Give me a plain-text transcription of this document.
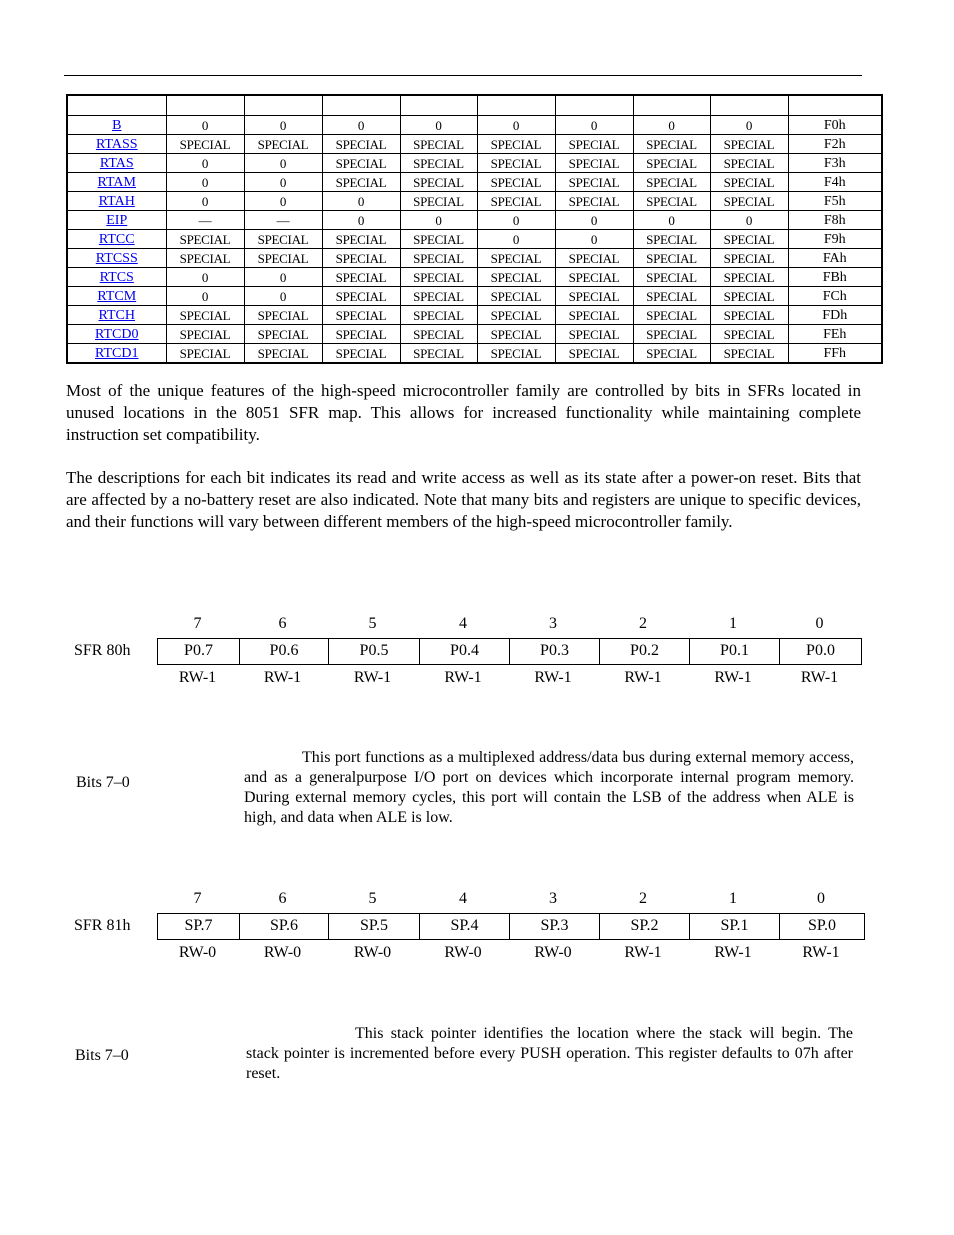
B	0	0	0	0	0	0	0	0	F0h
RTASS	SPECIAL	SPECIAL	SPECIAL	SPECIAL	SPECIAL	SPECIAL	SPECIAL	SPECIAL	F2h
RTAS	0	0	SPECIAL	SPECIAL	SPECIAL	SPECIAL	SPECIAL	SPECIAL	F3h
RTAM	0	0	SPECIAL	SPECIAL	SPECIAL	SPECIAL	SPECIAL	SPECIAL	F4h
RTAH	0	0	0	SPECIAL	SPECIAL	SPECIAL	SPECIAL	SPECIAL	F5h
EIP	—	—	0	0	0	0	0	0	F8h
RTCC	SPECIAL	SPECIAL	SPECIAL	SPECIAL	0	0	SPECIAL	SPECIAL	F9h
RTCSS	SPECIAL	SPECIAL	SPECIAL	SPECIAL	SPECIAL	SPECIAL	SPECIAL	SPECIAL	FAh
RTCS	0	0	SPECIAL	SPECIAL	SPECIAL	SPECIAL	SPECIAL	SPECIAL	FBh
RTCM	0	0	SPECIAL	SPECIAL	SPECIAL	SPECIAL	SPECIAL	SPECIAL	FCh
RTCH	SPECIAL	SPECIAL	SPECIAL	SPECIAL	SPECIAL	SPECIAL	SPECIAL	SPECIAL	FDh
RTCD0	SPECIAL	SPECIAL	SPECIAL	SPECIAL	SPECIAL	SPECIAL	SPECIAL	SPECIAL	FEh
RTCD1	SPECIAL	SPECIAL	SPECIAL	SPECIAL	SPECIAL	SPECIAL	SPECIAL	SPECIAL	FFh

Most of the unique features of the high-speed microcontroller family are controlled by bits in SFRs located in unused locations in the 8051 SFR map. This allows for increased functionality while maintaining complete instruction set compatibility.

The descriptions for each bit indicates its read and write access as well as its state after a power-on reset. Bits that are affected by a no-battery reset are also indicated. Note that many bits and registers are unique to specific devices, and their functions will vary between different members of the high-speed microcontroller family.

SFR 80h
7	6	5	4	3	2	1	0
P0.7	P0.6	P0.5	P0.4	P0.3	P0.2	P0.1	P0.0
RW-1	RW-1	RW-1	RW-1	RW-1	RW-1	RW-1	RW-1
Bits 7–0

This port functions as a multiplexed address/data bus during external memory access, and as a generalpurpose I/O port on devices which incorporate internal program memory. During external memory cycles, this port will contain the LSB of the address when ALE is high, and data when ALE is low.

SFR 81h
7	6	5	4	3	2	1	0
SP.7	SP.6	SP.5	SP.4	SP.3	SP.2	SP.1	SP.0
RW-0	RW-0	RW-0	RW-0	RW-0	RW-1	RW-1	RW-1
Bits 7–0

This stack pointer identifies the location where the stack will begin. The stack pointer is incremented before every PUSH operation. This register defaults to 07h after reset.
